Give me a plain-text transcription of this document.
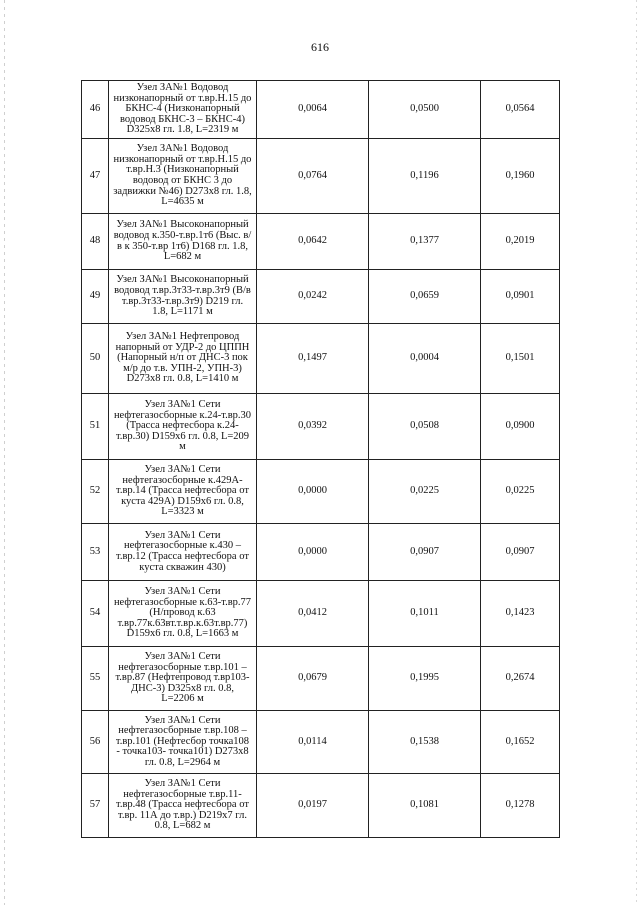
616
46	Узел ЗА№1 Водовод низконапорный от т.вр.Н.15 до БКНС-4 (Низконапорный водовод БКНС-3 – БКНС-4) D325x8 гл. 1.8, L=2319 м	0,0064	0,0500	0,0564
47	Узел ЗА№1 Водовод низконапорный от т.вр.Н.15 до т.вр.Н.3 (Низконапорный водовод от БКНС 3 до задвижки №46) D273x8 гл. 1.8, L=4635 м	0,0764	0,1196	0,1960
48	Узел ЗА№1 Высоконапорный водовод к.350-т.вр.1т6 (Выс. в/в к 350-т.вр 1т6) D168 гл. 1.8, L=682 м	0,0642	0,1377	0,2019
49	Узел ЗА№1 Высоконапорный водовод т.вр.3т33-т.вр.3т9 (В/в т.вр.3т33-т.вр.3т9) D219 гл. 1.8, L=1171 м	0,0242	0,0659	0,0901
50	Узел ЗА№1 Нефтепровод напорный от УДР-2 до ЦППН (Напорный н/п от ДНС-3 пок м/р до т.в. УПН-2, УПН-3) D273x8 гл. 0.8, L=1410 м	0,1497	0,0004	0,1501
51	Узел ЗА№1 Сети нефтегазосборные к.24-т.вр.30 (Трасса нефтесбора к.24-т.вр.30) D159x6 гл. 0.8, L=209 м	0,0392	0,0508	0,0900
52	Узел ЗА№1 Сети нефтегазосборные к.429А-т.вр.14 (Трасса нефтесбора от куста 429А) D159x6 гл. 0.8, L=3323 м	0,0000	0,0225	0,0225
53	Узел ЗА№1 Сети нефтегазосборные к.430 – т.вр.12 (Трасса нефтесбора от куста скважин 430)	0,0000	0,0907	0,0907
54	Узел ЗА№1 Сети нефтегазосборные к.63-т.вр.77 (Н/провод к.63 т.вр.77к.63вт.т.вр.к.63т.вр.77) D159x6 гл. 0.8, L=1663 м	0,0412	0,1011	0,1423
55	Узел ЗА№1 Сети нефтегазосборные т.вр.101 – т.вр.87 (Нефтепровод т.вр103-ДНС-3) D325x8 гл. 0.8, L=2206 м	0,0679	0,1995	0,2674
56	Узел ЗА№1 Сети нефтегазосборные т.вр.108 – т.вр.101 (Нефтесбор точка108 - точка103- точка101) D273x8 гл. 0.8, L=2964 м	0,0114	0,1538	0,1652
57	Узел ЗА№1 Сети нефтегазосборные т.вр.11-т.вр.48 (Трасса нефтесбора от т.вр. 11А до т.вр.) D219x7 гл. 0.8, L=682 м	0,0197	0,1081	0,1278
